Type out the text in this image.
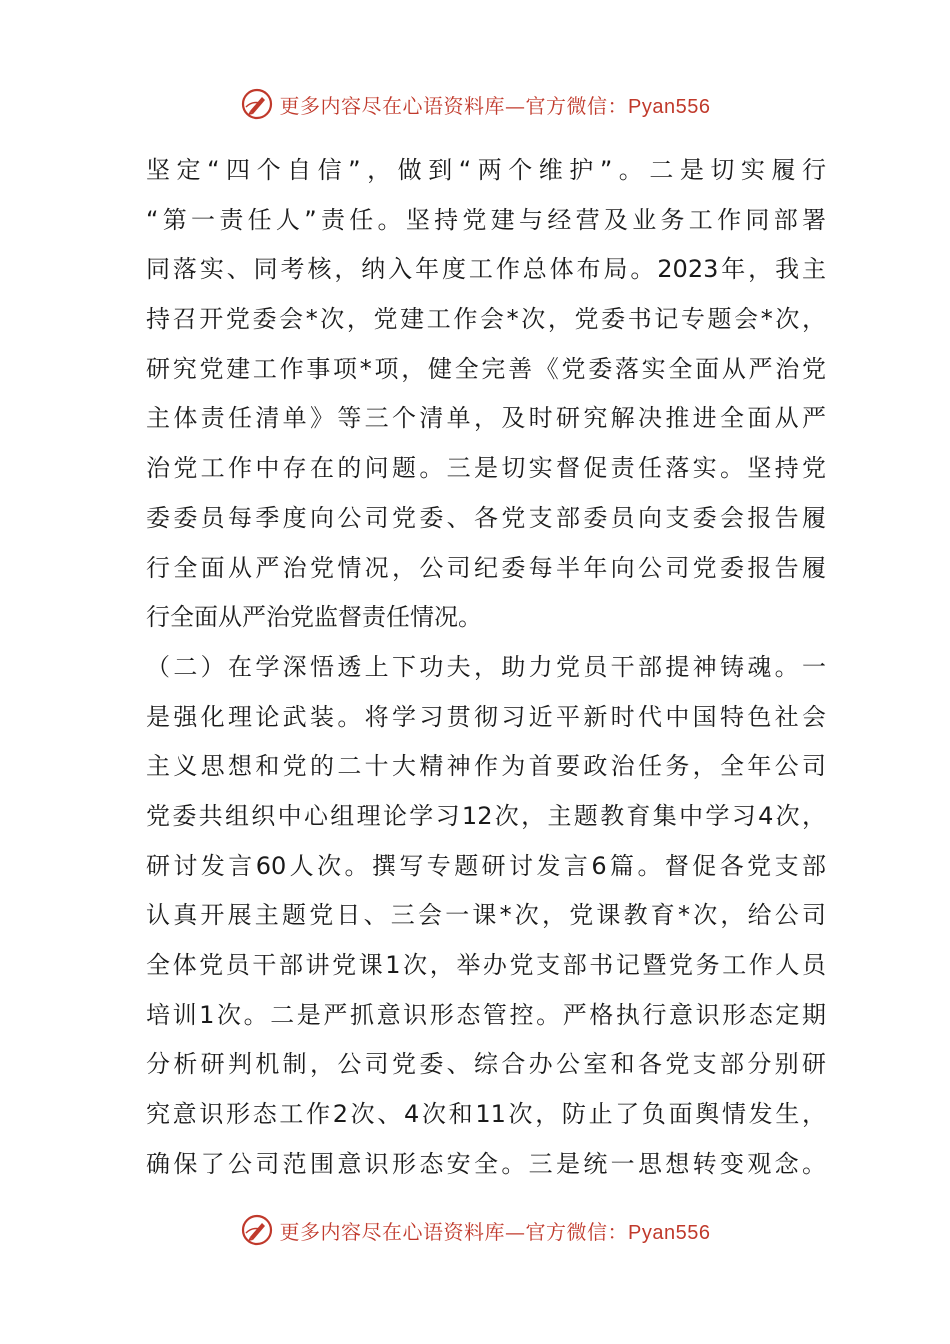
更多内容尽在心语资料库—官方微信：Pyan556
坚定“四个自信”，做到“两个维护”。二是切实履行
“第一责任人”责任。坚持党建与经营及业务工作同部署
同落实、同考核，纳入年度工作总体布局。2023年，我主
持召开党委会*次，党建工作会*次，党委书记专题会*次，
研究党建工作事项*项，健全完善《党委落实全面从严治党
主体责任清单》等三个清单，及时研究解决推进全面从严
治党工作中存在的问题。三是切实督促责任落实。坚持党
委委员每季度向公司党委、各党支部委员向支委会报告履
行全面从严治党情况，公司纪委每半年向公司党委报告履
行全面从严治党监督责任情况。
（二）在学深悟透上下功夫，助力党员干部提神铸魂。一
是强化理论武装。将学习贯彻习近平新时代中国特色社会
主义思想和党的二十大精神作为首要政治任务，全年公司
党委共组织中心组理论学习12次，主题教育集中学习4次，
研讨发言60人次。撰写专题研讨发言6篇。督促各党支部
认真开展主题党日、三会一课*次，党课教育*次，给公司
全体党员干部讲党课1次，举办党支部书记暨党务工作人员
培训1次。二是严抓意识形态管控。严格执行意识形态定期
分析研判机制，公司党委、综合办公室和各党支部分别研
究意识形态工作2次、4次和11次，防止了负面舆情发生，
确保了公司范围意识形态安全。三是统一思想转变观念。
更多内容尽在心语资料库—官方微信：Pyan556
